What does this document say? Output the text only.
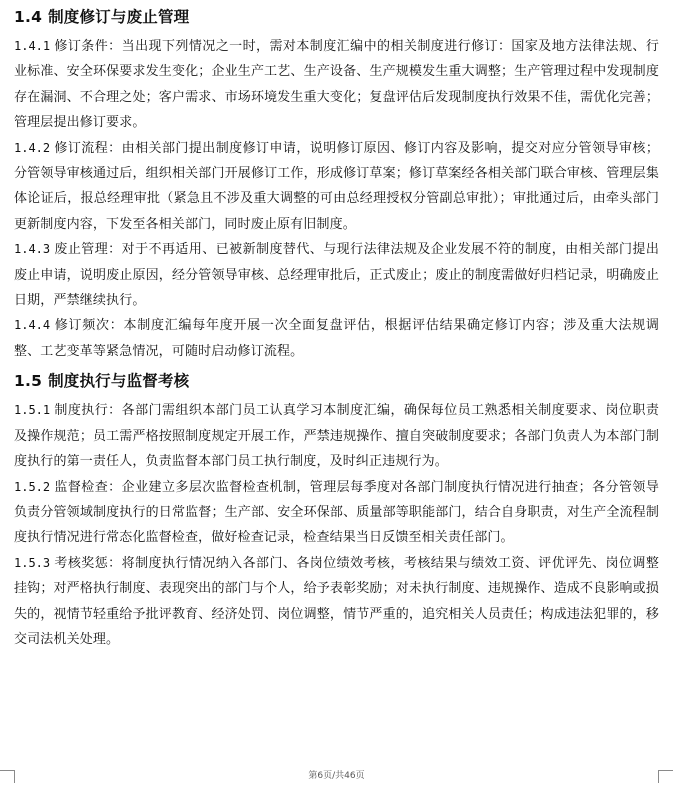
1.4 制度修订与废止管理

1.4.1 修订条件：当出现下列情况之一时，需对本制度汇编中的相关制度进行修订：国家及地方法律法规、行业标准、安全环保要求发生变化；企业生产工艺、生产设备、生产规模发生重大调整；生产管理过程中发现制度存在漏洞、不合理之处；客户需求、市场环境发生重大变化；复盘评估后发现制度执行效果不佳，需优化完善；管理层提出修订要求。

1.4.2 修订流程：由相关部门提出制度修订申请，说明修订原因、修订内容及影响，提交对应分管领导审核；分管领导审核通过后，组织相关部门开展修订工作，形成修订草案；修订草案经各相关部门联合审核、管理层集体论证后，报总经理审批（紧急且不涉及重大调整的可由总经理授权分管副总审批）；审批通过后，由牵头部门更新制度内容，下发至各相关部门，同时废止原有旧制度。

1.4.3 废止管理：对于不再适用、已被新制度替代、与现行法律法规及企业发展不符的制度，由相关部门提出废止申请，说明废止原因，经分管领导审核、总经理审批后，正式废止；废止的制度需做好归档记录，明确废止日期，严禁继续执行。

1.4.4 修订频次：本制度汇编每年度开展一次全面复盘评估，根据评估结果确定修订内容；涉及重大法规调整、工艺变革等紧急情况，可随时启动修订流程。

1.5 制度执行与监督考核

1.5.1 制度执行：各部门需组织本部门员工认真学习本制度汇编，确保每位员工熟悉相关制度要求、岗位职责及操作规范；员工需严格按照制度规定开展工作，严禁违规操作、擅自突破制度要求；各部门负责人为本部门制度执行的第一责任人，负责监督本部门员工执行制度，及时纠正违规行为。

1.5.2 监督检查：企业建立多层次监督检查机制，管理层每季度对各部门制度执行情况进行抽查；各分管领导负责分管领域制度执行的日常监督；生产部、安全环保部、质量部等职能部门，结合自身职责，对生产全流程制度执行情况进行常态化监督检查，做好检查记录，检查结果当日反馈至相关责任部门。

1.5.3 考核奖惩：将制度执行情况纳入各部门、各岗位绩效考核，考核结果与绩效工资、评优评先、岗位调整挂钩；对严格执行制度、表现突出的部门与个人，给予表彰奖励；对未执行制度、违规操作、造成不良影响或损失的，视情节轻重给予批评教育、经济处罚、岗位调整，情节严重的，追究相关人员责任；构成违法犯罪的，移交司法机关处理。

第6页/共46页
